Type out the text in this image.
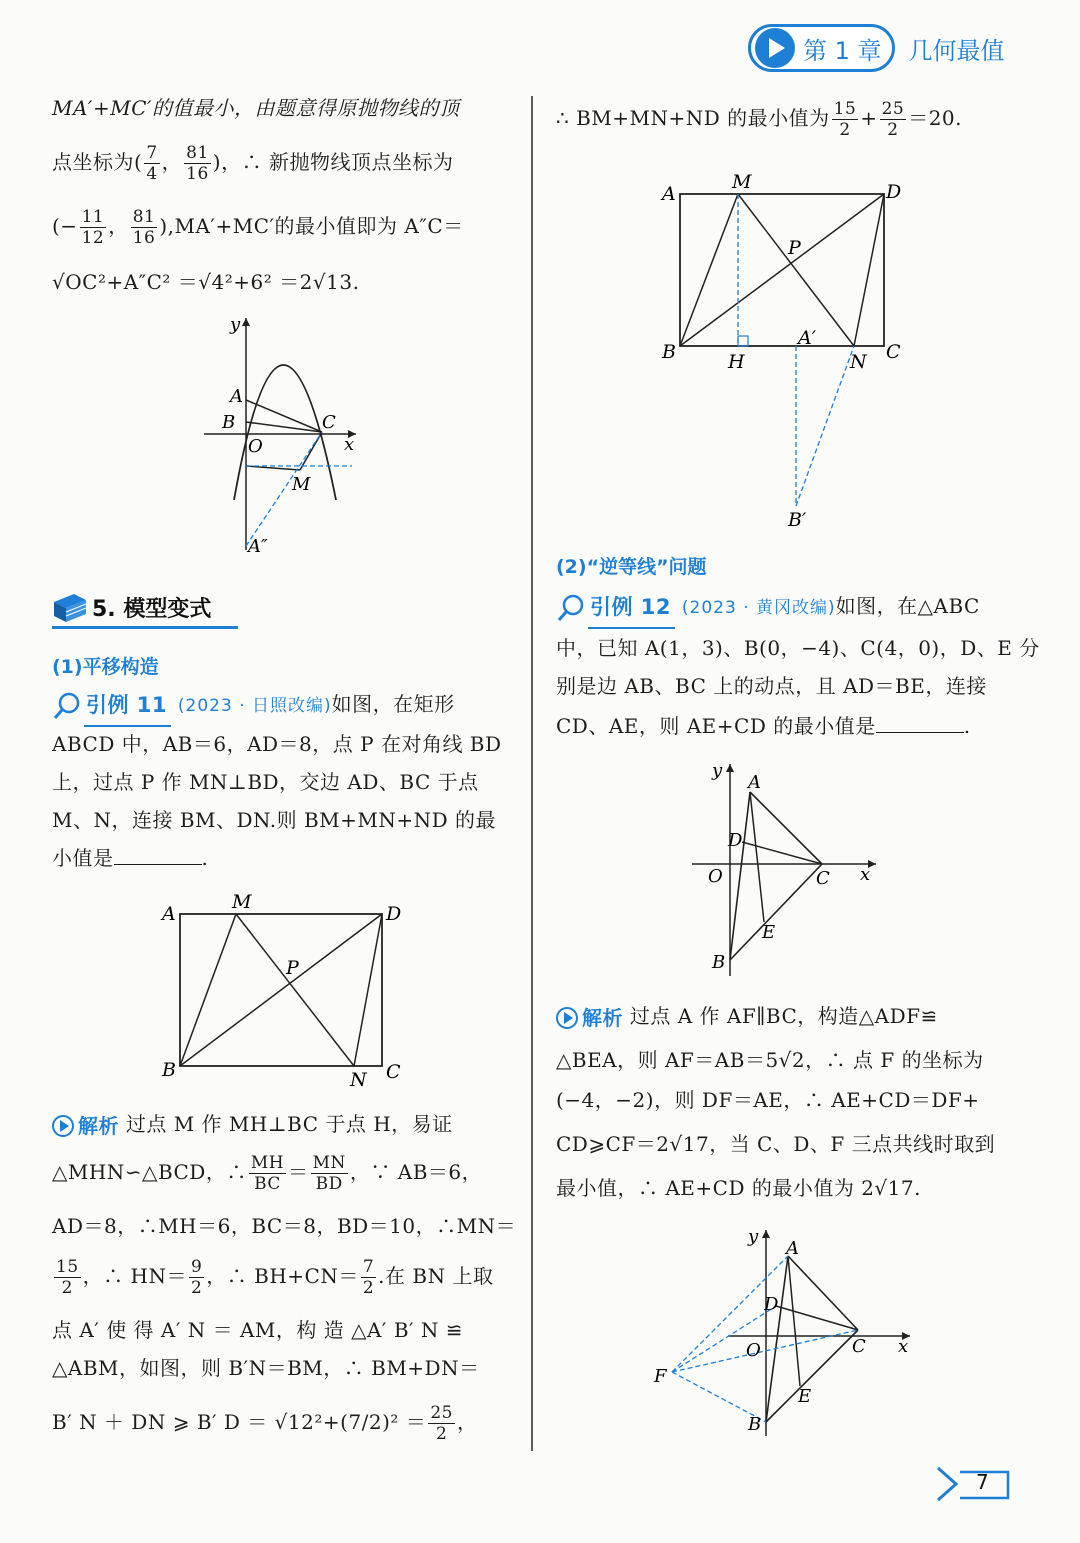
第 1 章 几何最值
MA′+MC′的值最小，由题意得原抛物线的顶
点坐标为( $\frac{7}{4}$ ， $\frac{81}{16}$ )，∴ 新抛物线顶点坐标为
(− $\frac{11}{12}$ ， $\frac{81}{16} ),MA'+MC'$的最小值即为 A″C＝
√OC²+A″C² ＝√4²+6² ＝2√13.
y
x
A
B	C
O
M
A″
5. 模型变式
(1)平移构造
引例 11 (2023 · 日照改编)如图，在矩形
ABCD 中，AB＝6，AD＝8，点 P 在对角线 BD
上，过点 P 作 MN⊥BD，交边 AD、BC 于点
M、N，连接 BM、DN.则 BM+MN+ND 的最
小值是	.
A
M
D
P
B	N C
解析 过点 M 作 MH⊥BC 于点 H，易证
△MHN∽△BCD，∴ $\frac{MH}{BC} = \frac{MN}{BD}$ ，∵ AB＝6，
AD＝8，∴MH＝6，BC＝8，BD＝10，∴MN＝
$\frac{15}{2}$ ，∴ $HN= \frac{9}{2}$ ，∴ $BH+CN= \frac{7}{2}$ .在 BN 上取
点 A′ 使 得 A′ N ＝ AM，构 造 △A′ B′ N ≌
△ABM，如图，则 B′N＝BM，∴ BM+DN＝
B′ N ＋ DN ⩾ B′ $D = √12^2+(7/2)^2 = \frac{25}{2}$ ，
∴ BM+MN+ND 的最小值为 $\frac{15}{2} + \frac{25}{2} =20$.
A
M	D
P
B	H
A′
N C
B′
(2)“逆等线”问题
引例 12 (2023 · 黄冈改编)如图，在△ABC
中，已知 A(1，3)、B(0，−4)、C(4，0)，D、E 分
别是边 AB、BC 上的动点，且 AD＝BE，连接
CD、AE，则 AE+CD 的最小值是	.
y
x
A
D
O	C
E
B
解析 过点 A 作 AF∥BC，构造△ADF≌
△BEA，则 AF＝AB＝5√2，∴ 点 F 的坐标为
(−4，−2)，则 DF＝AE，∴ AE+CD＝DF+
CD⩾CF＝2√17，当 C、D、F 三点共线时取到
最小值，∴ AE+CD 的最小值为 2√17.
y
x
A
D
O	C
F
E
B
7
